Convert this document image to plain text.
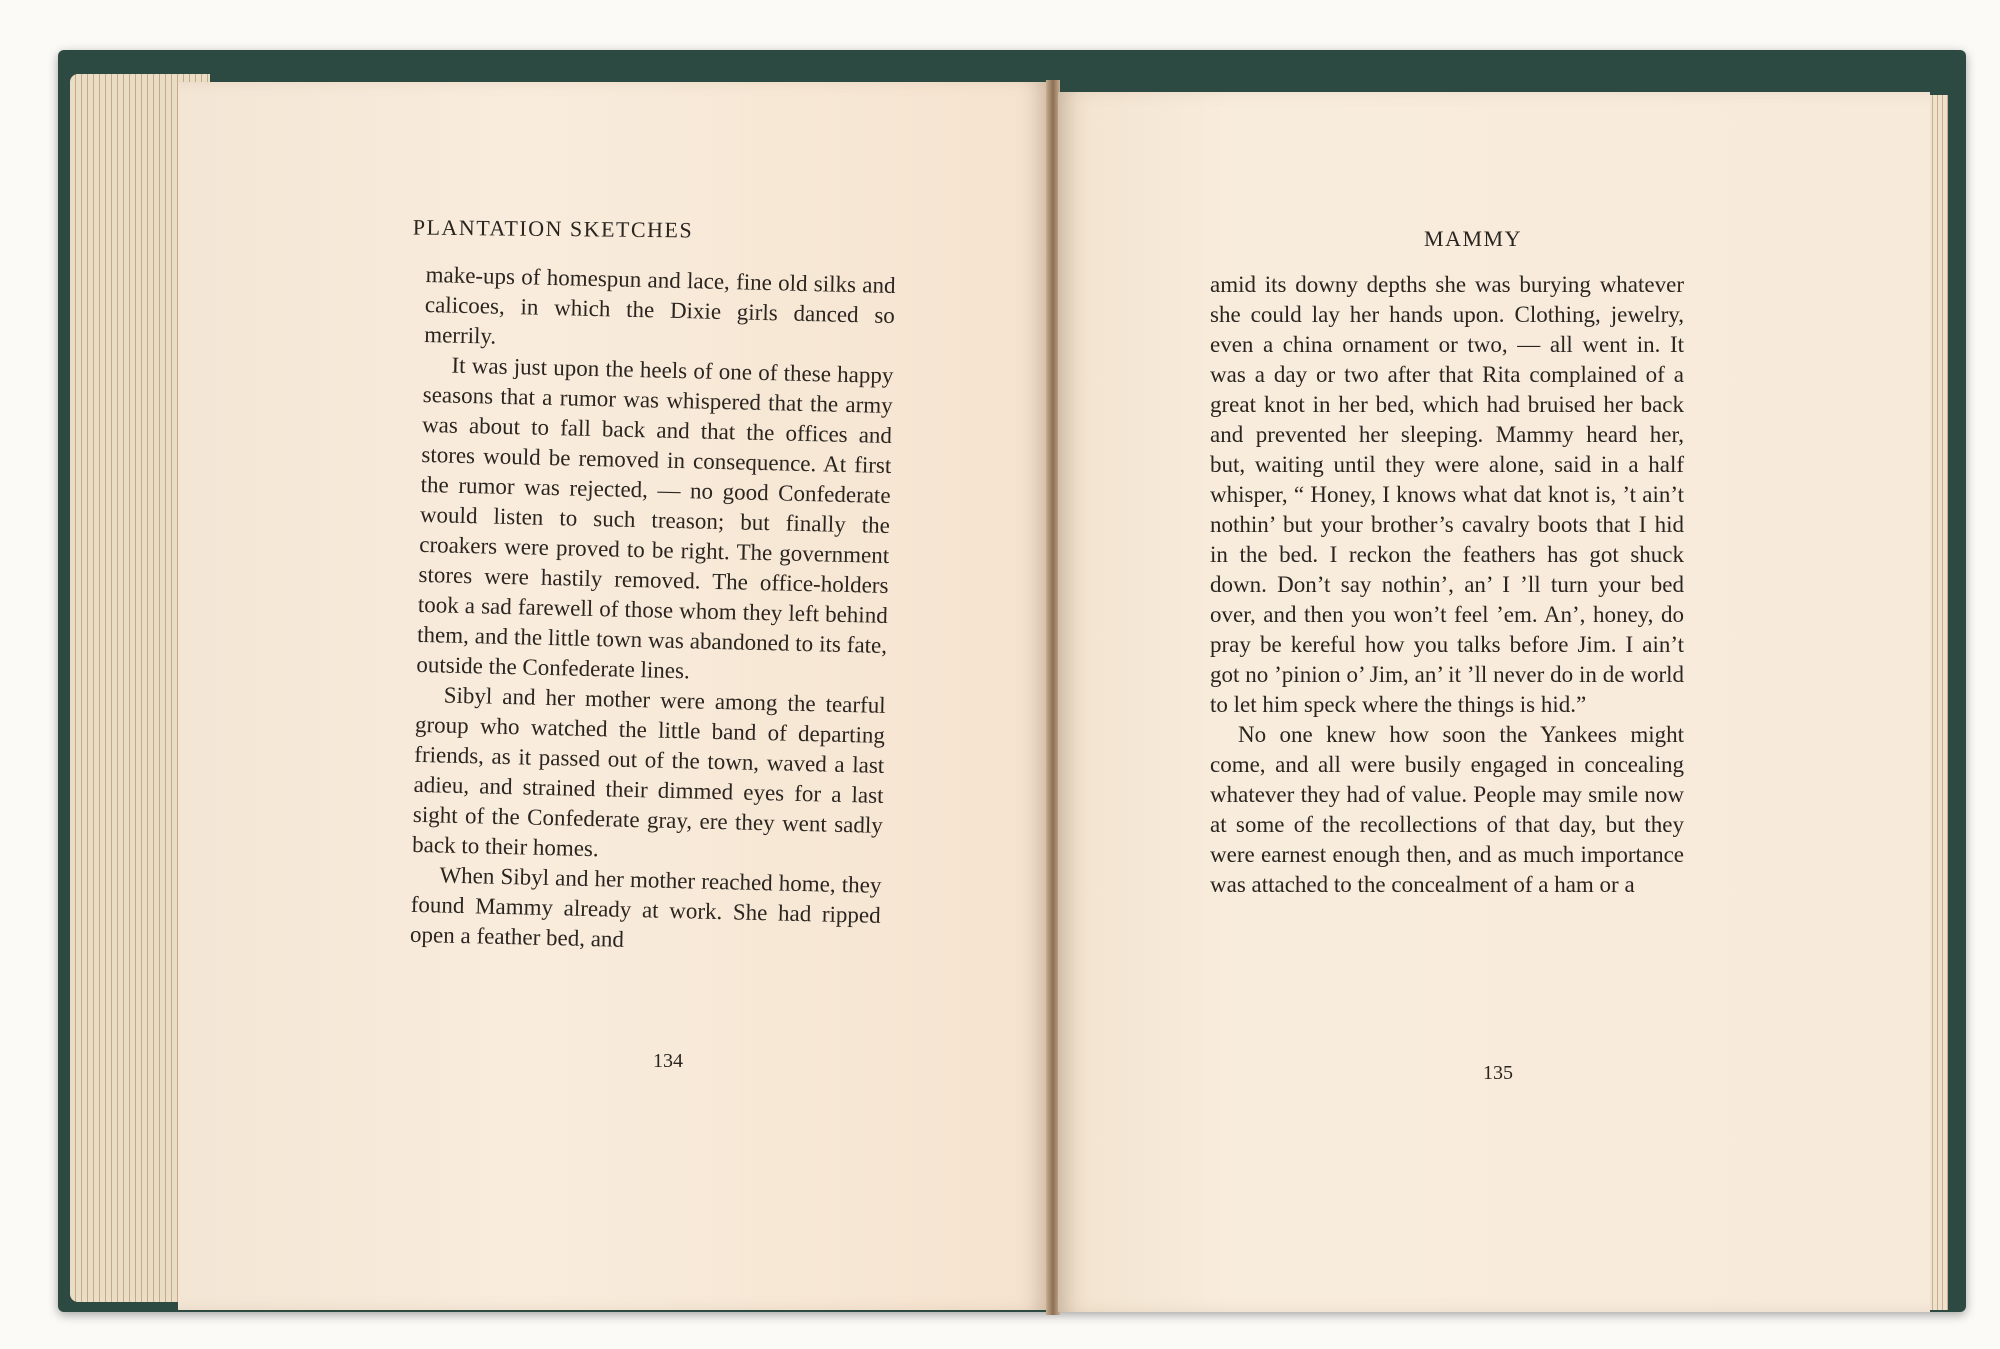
PLANTATION SKETCHES

make-ups of homespun and lace, fine old silks and calicoes, in which the Dixie girls danced so merrily.

It was just upon the heels of one of these happy seasons that a rumor was whispered that the army was about to fall back and that the offices and stores would be removed in consequence. At first the rumor was rejected, — no good Confederate would listen to such treason; but finally the croakers were proved to be right. The government stores were hastily removed. The office-holders took a sad farewell of those whom they left behind them, and the little town was abandoned to its fate, outside the Confederate lines.

Sibyl and her mother were among the tearful group who watched the little band of departing friends, as it passed out of the town, waved a last adieu, and strained their dimmed eyes for a last sight of the Confederate gray, ere they went sadly back to their homes.

When Sibyl and her mother reached home, they found Mammy already at work. She had ripped open a feather bed, and

134
MAMMY

amid its downy depths she was burying whatever she could lay her hands upon. Clothing, jewelry, even a china ornament or two, — all went in. It was a day or two after that Rita complained of a great knot in her bed, which had bruised her back and prevented her sleeping. Mammy heard her, but, waiting until they were alone, said in a half whisper, “ Honey, I knows what dat knot is, ’t ain’t nothin’ but your brother’s cavalry boots that I hid in the bed. I reckon the feathers has got shuck down. Don’t say nothin’, an’ I ’ll turn your bed over, and then you won’t feel ’em. An’, honey, do pray be kereful how you talks before Jim. I ain’t got no ’pinion o’ Jim, an’ it ’ll never do in de world to let him speck where the things is hid.”

No one knew how soon the Yankees might come, and all were busily engaged in concealing whatever they had of value. People may smile now at some of the recollections of that day, but they were earnest enough then, and as much importance was attached to the concealment of a ham or a

135
